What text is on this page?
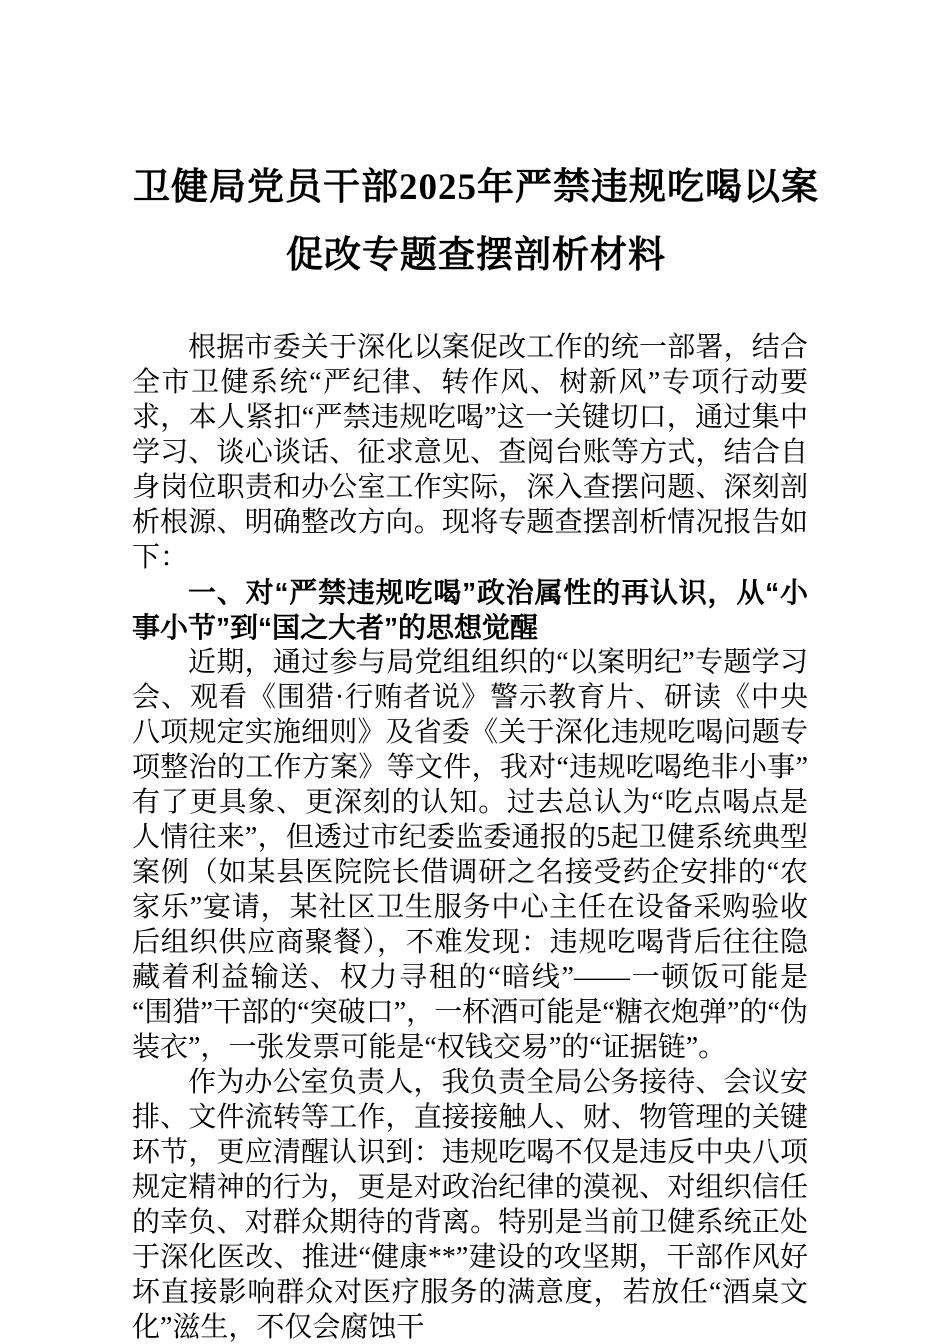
卫健局党员干部2025年严禁违规吃喝以案
促改专题查摆剖析材料

根据市委关于深化以案促改工作的统一部署，结合全市卫健系统“严纪律、转作风、树新风”专项行动要求，本人紧扣“严禁违规吃喝”这一关键切口，通过集中学习、谈心谈话、征求意见、查阅台账等方式，结合自身岗位职责和办公室工作实际，深入查摆问题、深刻剖析根源、明确整改方向。现将专题查摆剖析情况报告如下：

一、对“严禁违规吃喝”政治属性的再认识，从“小事小节”到“国之大者”的思想觉醒

近期，通过参与局党组组织的“以案明纪”专题学习会、观看《围猎·行贿者说》警示教育片、研读《中央八项规定实施细则》及省委《关于深化违规吃喝问题专项整治的工作方案》等文件，我对“违规吃喝绝非小事”有了更具象、更深刻的认知。过去总认为“吃点喝点是人情往来”，但透过市纪委监委通报的5起卫健系统典型案例（如某县医院院长借调研之名接受药企安排的“农家乐”宴请，某社区卫生服务中心主任在设备采购验收后组织供应商聚餐），不难发现：违规吃喝背后往往隐藏着利益输送、权力寻租的“暗线”——一顿饭可能是“围猎”干部的“突破口”，一杯酒可能是“糖衣炮弹”的“伪装衣”，一张发票可能是“权钱交易”的“证据链”。

作为办公室负责人，我负责全局公务接待、会议安排、文件流转等工作，直接接触人、财、物管理的关键环节，更应清醒认识到：违规吃喝不仅是违反中央八项规定精神的行为，更是对政治纪律的漠视、对组织信任的幸负、对群众期待的背离。特别是当前卫健系统正处于深化医改、推进“健康**”建设的攻坚期，干部作风好坏直接影响群众对医疗服务的满意度，若放任“酒桌文化”滋生，不仅会腐蚀干
